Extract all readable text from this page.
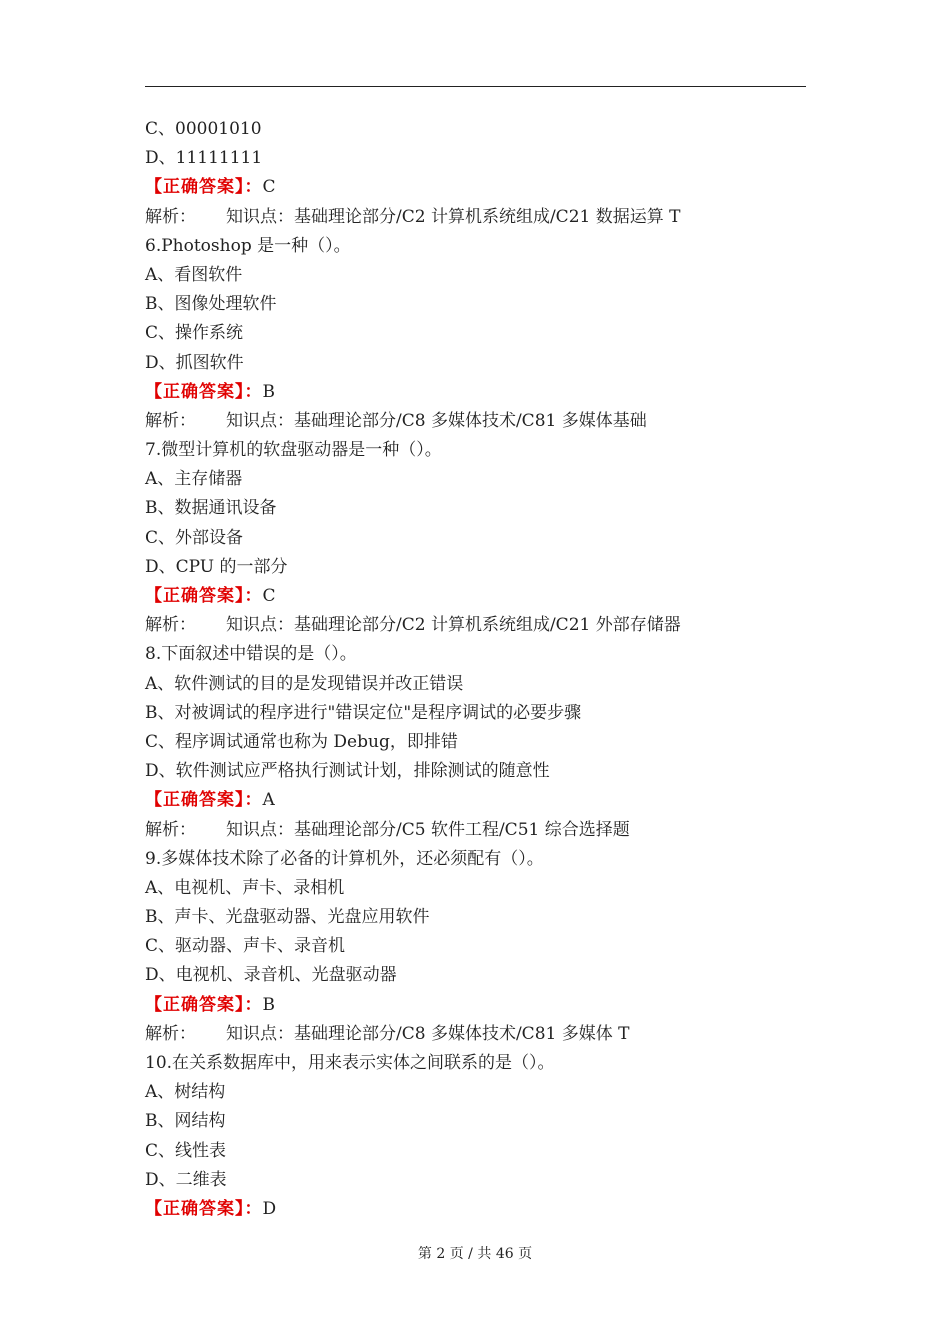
C、00001010
D、11111111
【正确答案】：C
解析： 知识点：基础理论部分/C2 计算机系统组成/C21 数据运算 T
6.Photoshop 是一种（）。
A、看图软件
B、图像处理软件
C、操作系统
D、抓图软件
【正确答案】：B
解析： 知识点：基础理论部分/C8 多媒体技术/C81 多媒体基础
7.微型计算机的软盘驱动器是一种（）。
A、主存储器
B、数据通讯设备
C、外部设备
D、CPU 的一部分
【正确答案】：C
解析： 知识点：基础理论部分/C2 计算机系统组成/C21 外部存储器
8.下面叙述中错误的是（）。
A、软件测试的目的是发现错误并改正错误
B、对被调试的程序进行"错误定位"是程序调试的必要步骤
C、程序调试通常也称为 Debug，即排错
D、软件测试应严格执行测试计划，排除测试的随意性
【正确答案】：A
解析： 知识点：基础理论部分/C5 软件工程/C51 综合选择题
9.多媒体技术除了必备的计算机外，还必须配有（）。
A、电视机、声卡、录相机
B、声卡、光盘驱动器、光盘应用软件
C、驱动器、声卡、录音机
D、电视机、录音机、光盘驱动器
【正确答案】：B
解析： 知识点：基础理论部分/C8 多媒体技术/C81 多媒体 T
10.在关系数据库中，用来表示实体之间联系的是（）。
A、树结构
B、网结构
C、线性表
D、二维表
【正确答案】：D
第 2 页 / 共 46 页
